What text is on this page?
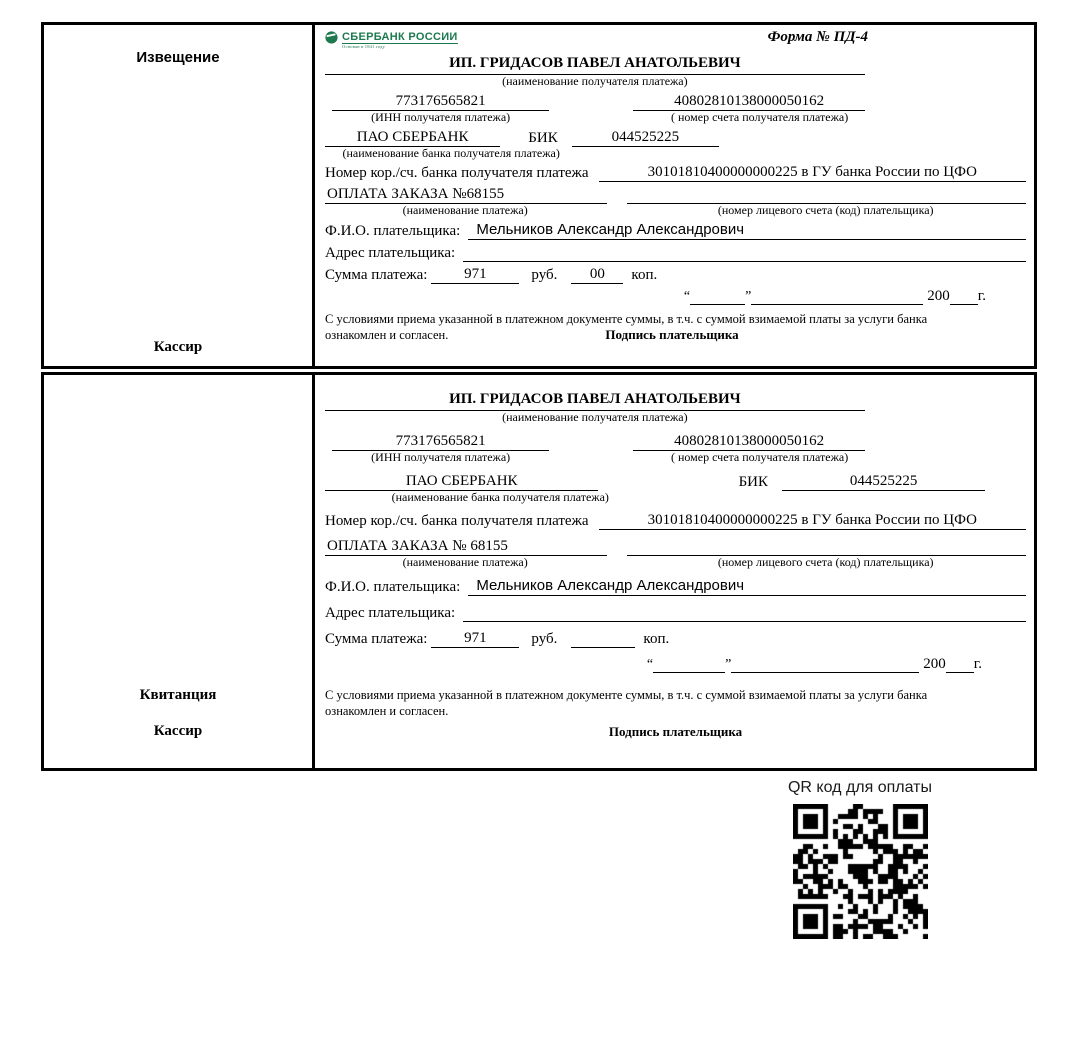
Извещение
Кассир
СБЕРБАНК РОССИИ
Основан в 1841 году
Форма № ПД-4
ИП. ГРИДАСОВ ПАВЕЛ АНАТОЛЬЕВИЧ
(наименование получателя платежа)
773176565821	40802810138000050162
(ИНН получателя платежа)	( номер счета получателя платежа)
ПАО СБЕРБАНК	БИК	044525225
(наименование банка получателя платежа)
Номер кор./сч. банка получателя платежа	30101810400000000225 в ГУ банка России по ЦФО
ОПЛАТА ЗАКАЗА №68155
(наименование платежа)	(номер лицевого счета (код) плательщика)
Ф.И.О. плательщика:	Мельников Александр Александрович
Адрес плательщика:
Сумма платежа:	971	руб.	00	коп.
“	”	200 г.
С условиями приема указанной в платежном документе суммы, в т.ч. с суммой взимаемой платы за услуги банка
ознакомлен и согласен.	Подпись плательщика
Квитанция
Кассир
ИП. ГРИДАСОВ ПАВЕЛ АНАТОЛЬЕВИЧ
(наименование получателя платежа)
773176565821	40802810138000050162
(ИНН получателя платежа)	( номер счета получателя платежа)
ПАО СБЕРБАНК	БИК	044525225
(наименование банка получателя платежа)
Номер кор./сч. банка получателя платежа	30101810400000000225 в ГУ банка России по ЦФО
ОПЛАТА ЗАКАЗА № 68155
(наименование платежа)	(номер лицевого счета (код) плательщика)
Ф.И.О. плательщика:	Мельников Александр Александрович
Адрес плательщика:
Сумма платежа:	971	руб.	коп.
“	”	200 г.
С условиями приема указанной в платежном документе суммы, в т.ч. с суммой взимаемой платы за услуги банка
ознакомлен и согласен.
Подпись плательщика
QR код для оплаты
